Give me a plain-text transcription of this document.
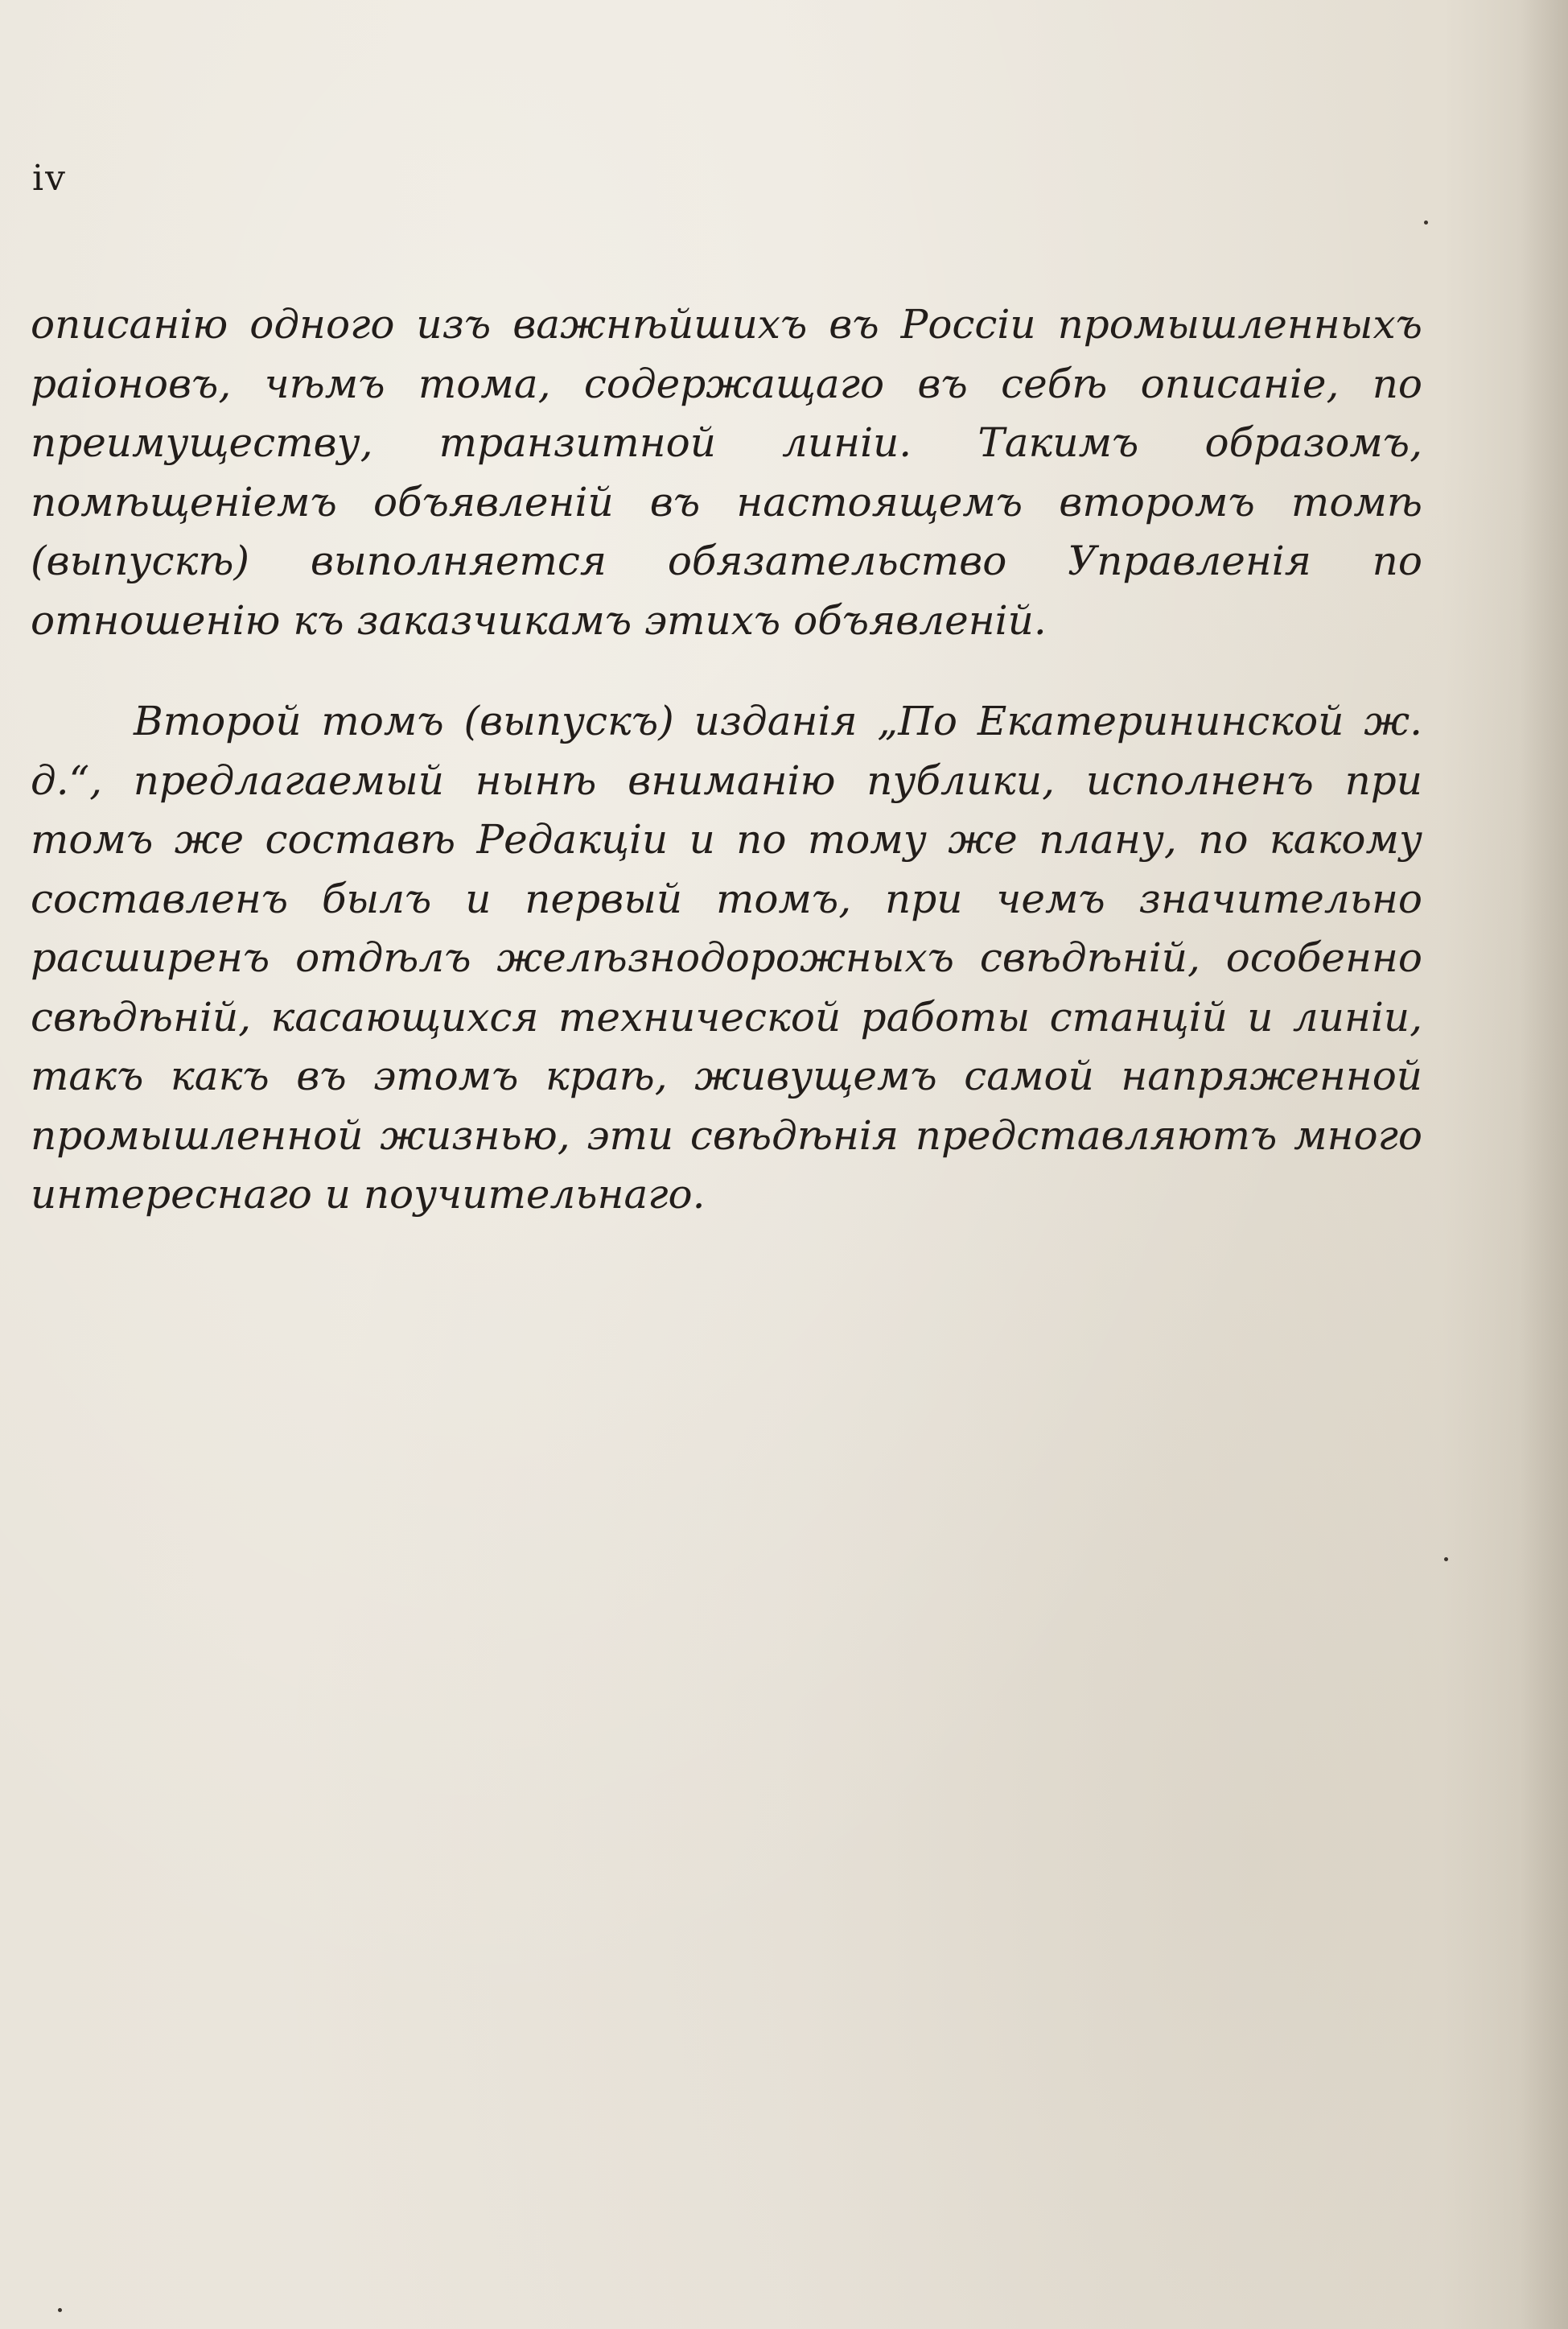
iv

описанію одного изъ важнѣйшихъ въ Россіи промышленныхъ раіоновъ, чѣмъ тома, содержащаго въ себѣ описаніе, по преимуществу, транзитной линіи. Такимъ образомъ, помѣщеніемъ объявленій въ настоящемъ второмъ томѣ (выпускѣ) выполняется обязательство Управленія по отношенію къ заказчикамъ этихъ объявленій.

Второй томъ (выпускъ) изданія „По Екатерининской ж. д.“, предлагаемый нынѣ вниманію публики, исполненъ при томъ же составѣ Редакціи и по тому же плану, по какому составленъ былъ и первый томъ, при чемъ значительно расширенъ отдѣлъ желѣзнодорожныхъ свѣдѣній, особенно свѣдѣній, касающихся технической работы станцій и линіи, такъ какъ въ этомъ краѣ, живущемъ самой напряженной промышленной жизнью, эти свѣдѣнія представляютъ много интереснаго и поучительнаго.
